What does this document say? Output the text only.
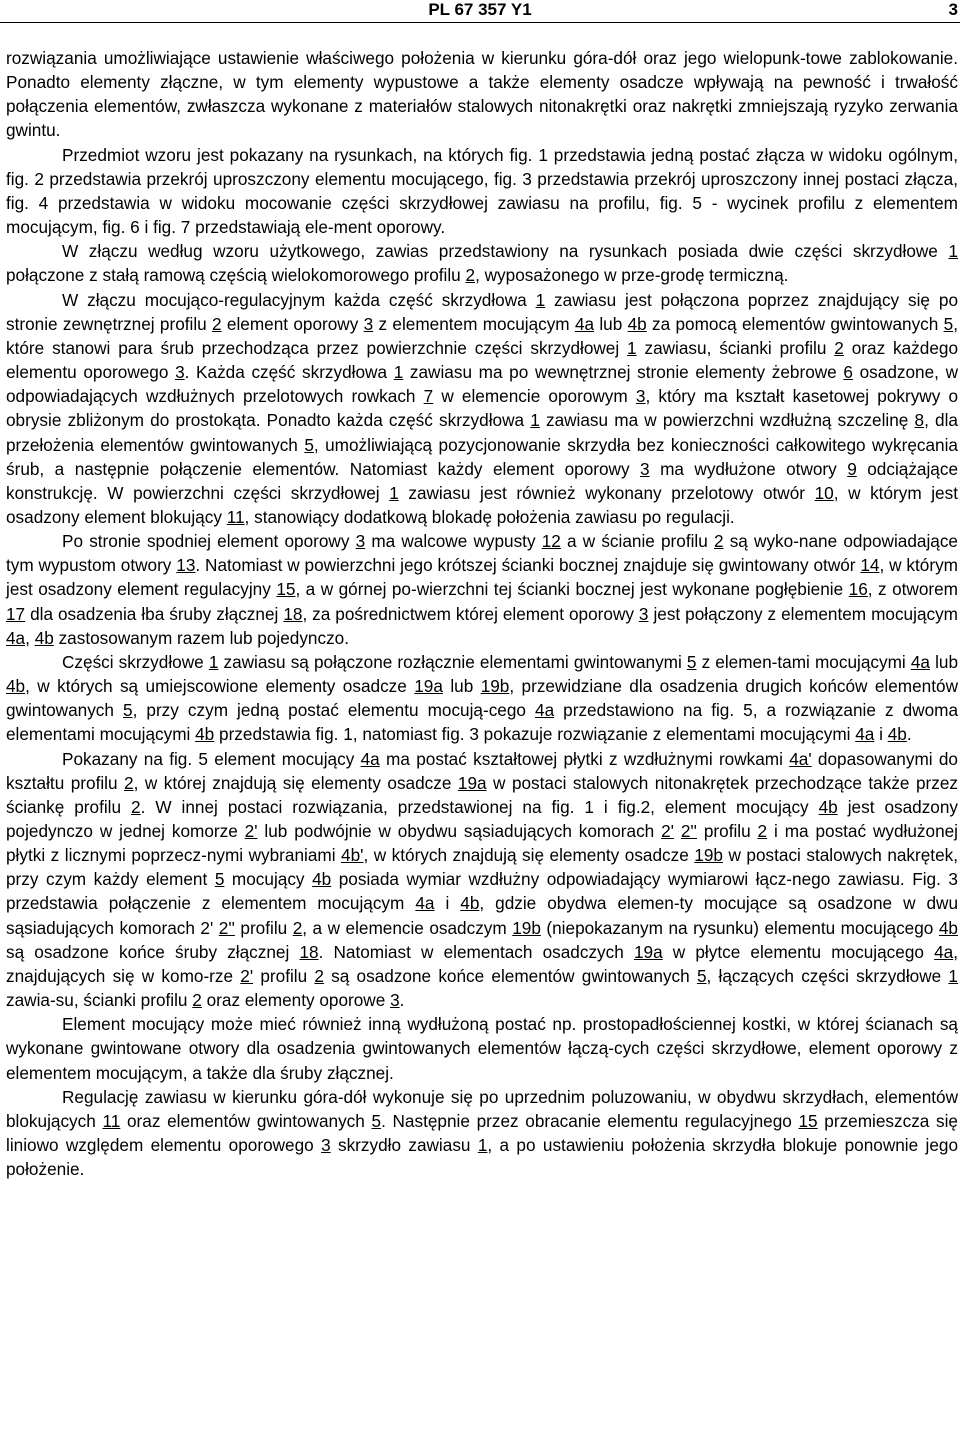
PL 67 357 Y1	3

rozwiązania umożliwiające ustawienie właściwego położenia w kierunku góra-dół oraz jego wielopunk-towe zablokowanie. Ponadto elementy złączne, w tym elementy wypustowe a także elementy osadcze wpływają na pewność i trwałość połączenia elementów, zwłaszcza wykonane z materiałów stalowych nitonakrętki oraz nakrętki zmniejszają ryzyko zerwania gwintu.

Przedmiot wzoru jest pokazany na rysunkach, na których fig. 1 przedstawia jedną postać złącza w widoku ogólnym, fig. 2 przedstawia przekrój uproszczony elementu mocującego, fig. 3 przedstawia przekrój uproszczony innej postaci złącza, fig. 4 przedstawia w widoku mocowanie części skrzydłowej zawiasu na profilu, fig. 5 - wycinek profilu z elementem mocującym, fig. 6 i fig. 7 przedstawiają ele-ment oporowy.

W złączu według wzoru użytkowego, zawias przedstawiony na rysunkach posiada dwie części skrzydłowe 1 połączone z stałą ramową częścią wielokomorowego profilu 2, wyposażonego w prze-grodę termiczną.

W złączu mocująco-regulacyjnym każda część skrzydłowa 1 zawiasu jest połączona poprzez znajdujący się po stronie zewnętrznej profilu 2 element oporowy 3 z elementem mocującym 4a lub 4b za pomocą elementów gwintowanych 5, które stanowi para śrub przechodząca przez powierzchnie części skrzydłowej 1 zawiasu, ścianki profilu 2 oraz każdego elementu oporowego 3. Każda część skrzydłowa 1 zawiasu ma po wewnętrznej stronie elementy żebrowe 6 osadzone, w odpowiadających wzdłużnych przelotowych rowkach 7 w elemencie oporowym 3, który ma kształt kasetowej pokrywy o obrysie zbliżonym do prostokąta. Ponadto każda część skrzydłowa 1 zawiasu ma w powierzchni wzdłużną szczelinę 8, dla przełożenia elementów gwintowanych 5, umożliwiającą pozycjonowanie skrzydła bez konieczności całkowitego wykręcania śrub, a następnie połączenie elementów. Natomiast każdy element oporowy 3 ma wydłużone otwory 9 odciążające konstrukcję. W powierzchni części skrzydłowej 1 zawiasu jest również wykonany przelotowy otwór 10, w którym jest osadzony element blokujący 11, stanowiący dodatkową blokadę położenia zawiasu po regulacji.

Po stronie spodniej element oporowy 3 ma walcowe wypusty 12 a w ścianie profilu 2 są wyko-nane odpowiadające tym wypustom otwory 13. Natomiast w powierzchni jego krótszej ścianki bocznej znajduje się gwintowany otwór 14, w którym jest osadzony element regulacyjny 15, a w górnej po-wierzchni tej ścianki bocznej jest wykonane pogłębienie 16, z otworem 17 dla osadzenia łba śruby złącznej 18, za pośrednictwem której element oporowy 3 jest połączony z elementem mocującym 4a, 4b zastosowanym razem lub pojedynczo.

Części skrzydłowe 1 zawiasu są połączone rozłącznie elementami gwintowanymi 5 z elemen-tami mocującymi 4a lub 4b, w których są umiejscowione elementy osadcze 19a lub 19b, przewidziane dla osadzenia drugich końców elementów gwintowanych 5, przy czym jedną postać elementu mocują-cego 4a przedstawiono na fig. 5, a rozwiązanie z dwoma elementami mocującymi 4b przedstawia fig. 1, natomiast fig. 3 pokazuje rozwiązanie z elementami mocującymi 4a i 4b.

Pokazany na fig. 5 element mocujący 4a ma postać kształtowej płytki z wzdłużnymi rowkami 4a' dopasowanymi do kształtu profilu 2, w której znajdują się elementy osadcze 19a w postaci stalowych nitonakrętek przechodzące także przez ściankę profilu 2. W innej postaci rozwiązania, przedstawionej na fig. 1 i fig.2, element mocujący 4b jest osadzony pojedynczo w jednej komorze 2' lub podwójnie w obydwu sąsiadujących komorach 2' 2'' profilu 2 i ma postać wydłużonej płytki z licznymi poprzecz-nymi wybraniami 4b', w których znajdują się elementy osadcze 19b w postaci stalowych nakrętek, przy czym każdy element 5 mocujący 4b posiada wymiar wzdłużny odpowiadający wymiarowi łącz-nego zawiasu. Fig. 3 przedstawia połączenie z elementem mocującym 4a i 4b, gdzie obydwa elemen-ty mocujące są osadzone w dwu sąsiadujących komorach 2' 2'' profilu 2, a w elemencie osadczym 19b (niepokazanym na rysunku) elementu mocującego 4b są osadzone końce śruby złącznej 18. Natomiast w elementach osadczych 19a w płytce elementu mocującego 4a, znajdujących się w komo-rze 2' profilu 2 są osadzone końce elementów gwintowanych 5, łączących części skrzydłowe 1 zawia-su, ścianki profilu 2 oraz elementy oporowe 3.

Element mocujący może mieć również inną wydłużoną postać np. prostopadłościennej kostki, w której ścianach są wykonane gwintowane otwory dla osadzenia gwintowanych elementów łączą-cych części skrzydłowe, element oporowy z elementem mocującym, a także dla śruby złącznej.

Regulację zawiasu w kierunku góra-dół wykonuje się po uprzednim poluzowaniu, w obydwu skrzydłach, elementów blokujących 11 oraz elementów gwintowanych 5. Następnie przez obracanie elementu regulacyjnego 15 przemieszcza się liniowo względem elementu oporowego 3 skrzydło zawiasu 1, a po ustawieniu położenia skrzydła blokuje ponownie jego położenie.
